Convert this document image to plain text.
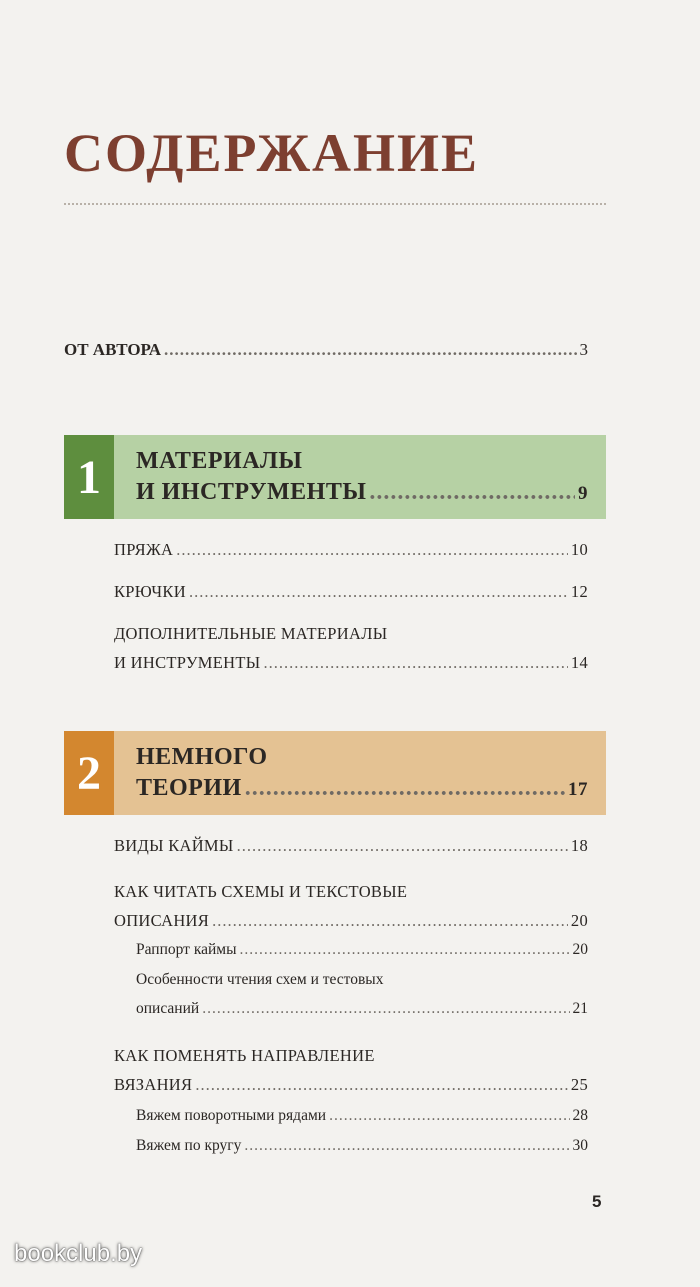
СОДЕРЖАНИЕ
ОТ АВТОРА .....	3
1	МАТЕРИАЛЫ
И ИНСТРУМЕНТЫ .....	9
ПРЯЖА .....	10
КРЮЧКИ .....	12
ДОПОЛНИТЕЛЬНЫЕ МАТЕРИАЛЫ
И ИНСТРУМЕНТЫ .....	14
2	НЕМНОГО
ТЕОРИИ .....	17
ВИДЫ КАЙМЫ .....	18
КАК ЧИТАТЬ СХЕМЫ И ТЕКСТОВЫЕ
ОПИСАНИЯ .....	20
Раппорт каймы .....	20
Особенности чтения схем и тестовых
описаний .....	21
КАК ПОМЕНЯТЬ НАПРАВЛЕНИЕ
ВЯЗАНИЯ .....	25
Вяжем поворотными рядами .....	28
Вяжем по кругу .....	30
5
bookclub.by
